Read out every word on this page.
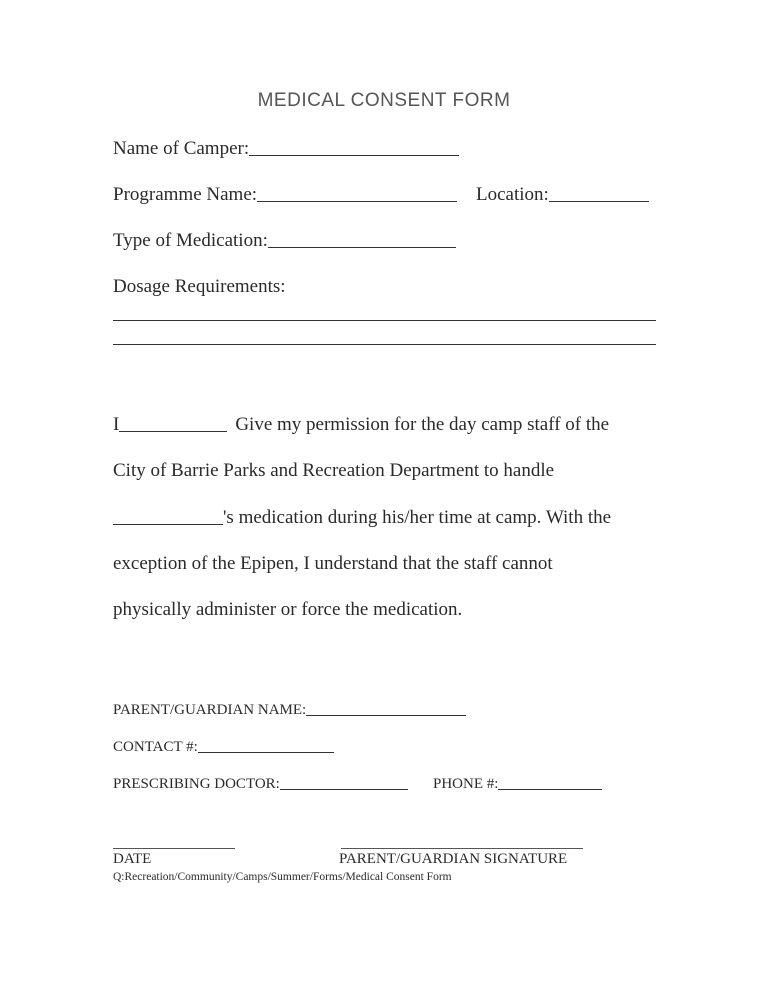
MEDICAL CONSENT FORM
Name of Camper:
Programme Name:	Location:
Type of Medication:
Dosage Requirements:
I	Give my permission for the day camp staff of the
City of Barrie Parks and Recreation Department to handle
's medication during his/her time at camp. With the
exception of the Epipen, I understand that the staff cannot
physically administer or force the medication.
PARENT/GUARDIAN NAME:
CONTACT #:
PRESCRIBING DOCTOR:	PHONE #:
DATE	PARENT/GUARDIAN SIGNATURE
Q:Recreation/Community/Camps/Summer/Forms/Medical Consent Form
